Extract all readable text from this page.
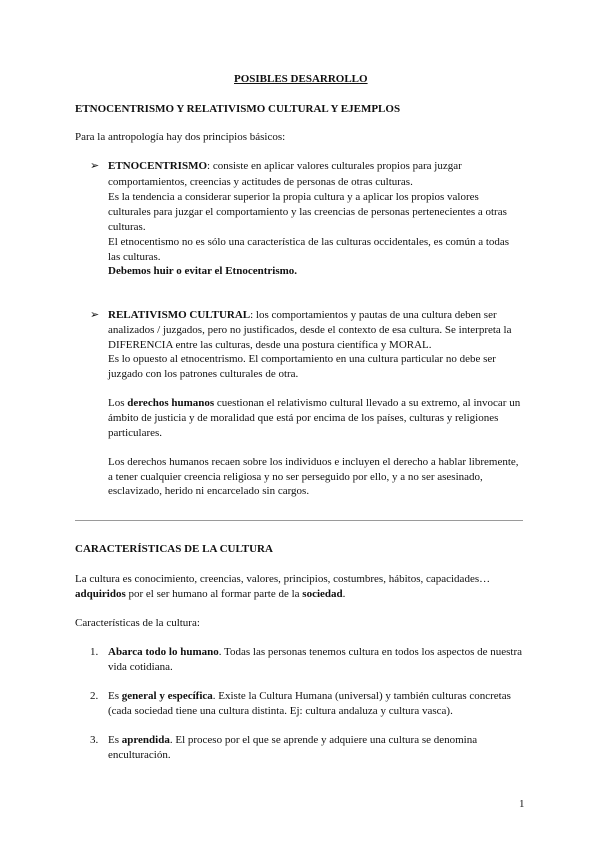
POSIBLES DESARROLLO
ETNOCENTRISMO Y RELATIVISMO CULTURAL Y EJEMPLOS
Para la antropología hay dos principios básicos:
➢ ETNOCENTRISMO: consiste en aplicar valores culturales propios para juzgar
comportamientos, creencias y actitudes de personas de otras culturas.
Es la tendencia a considerar superior la propia cultura y a aplicar los propios valores
culturales para juzgar el comportamiento y las creencias de personas pertenecientes a otras
culturas.
El etnocentismo no es sólo una característica de las culturas occidentales, es común a todas
las culturas.
Debemos huir o evitar el Etnocentrismo.
➢ RELATIVISMO CULTURAL: los comportamientos y pautas de una cultura deben ser
analizados / juzgados, pero no justificados, desde el contexto de esa cultura. Se interpreta la
DIFERENCIA entre las culturas, desde una postura científica y MORAL.
Es lo opuesto al etnocentrismo. El comportamiento en una cultura particular no debe ser
juzgado con los patrones culturales de otra.
Los derechos humanos cuestionan el relativismo cultural llevado a su extremo, al invocar un
ámbito de justicia y de moralidad que está por encima de los países, culturas y religiones
particulares.
Los derechos humanos recaen sobre los individuos e incluyen el derecho a hablar libremente,
a tener cualquier creencia religiosa y no ser perseguido por ello, y a no ser asesinado,
esclavizado, herido ni encarcelado sin cargos.
CARACTERÍSTICAS DE LA CULTURA
La cultura es conocimiento, creencias, valores, principios, costumbres, hábitos, capacidades…
adquiridos por el ser humano al formar parte de la sociedad.
Características de la cultura:
1. Abarca todo lo humano. Todas las personas tenemos cultura en todos los aspectos de nuestra
vida cotidiana.
2. Es general y específica. Existe la Cultura Humana (universal) y también culturas concretas
(cada sociedad tiene una cultura distinta. Ej: cultura andaluza y cultura vasca).
3. Es aprendida. El proceso por el que se aprende y adquiere una cultura se denomina
enculturación.
1
